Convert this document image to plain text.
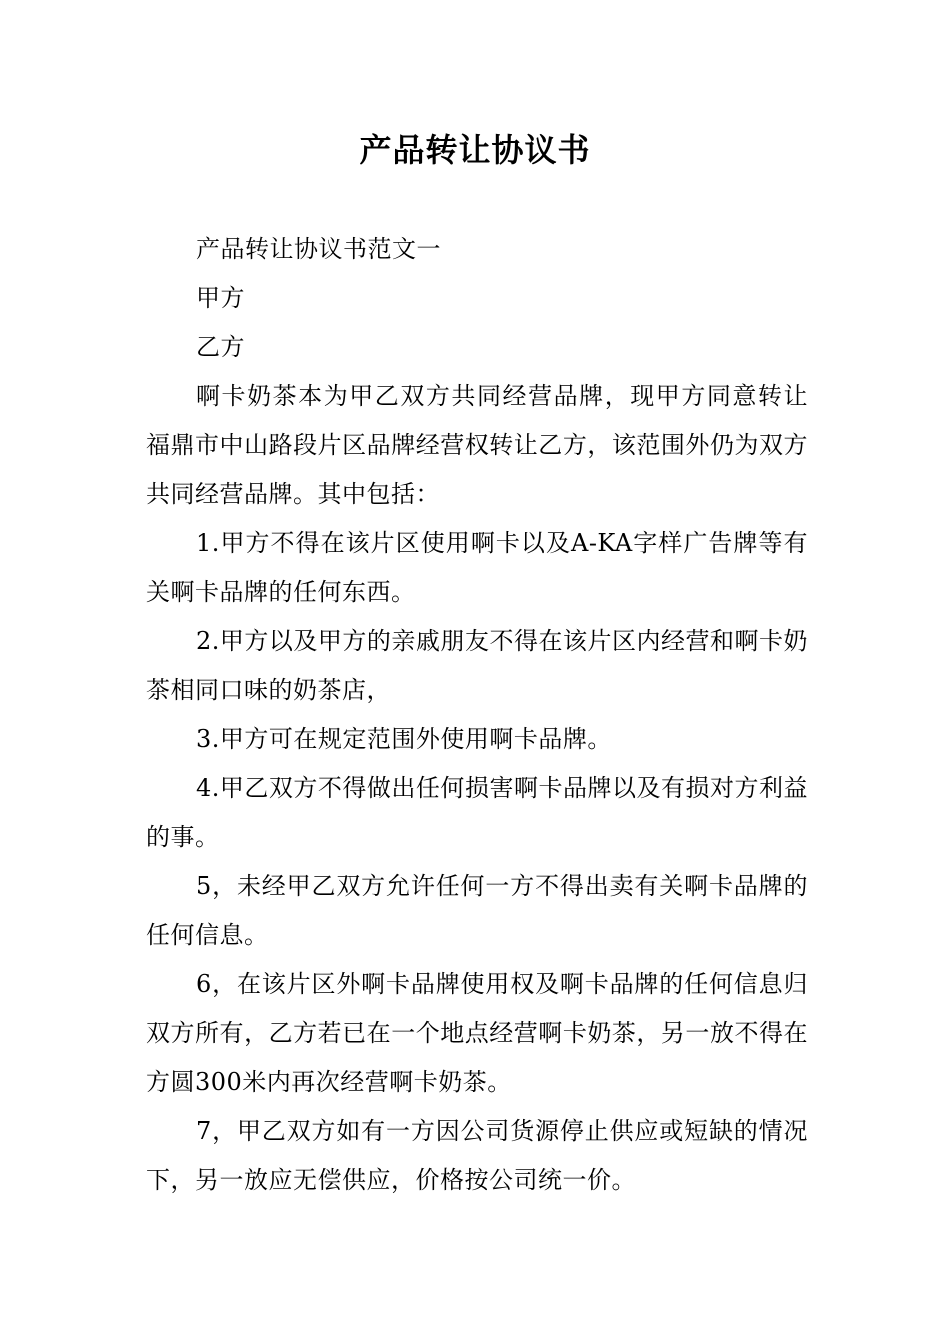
产品转让协议书

产品转让协议书范文一

甲方

乙方

啊卡奶茶本为甲乙双方共同经营品牌，现甲方同意转让福鼎市中山路段片区品牌经营权转让乙方，该范围外仍为双方共同经营品牌。其中包括：

1.甲方不得在该片区使用啊卡以及A-KA字样广告牌等有关啊卡品牌的任何东西。

2.甲方以及甲方的亲戚朋友不得在该片区内经营和啊卡奶茶相同口味的奶茶店，

3.甲方可在规定范围外使用啊卡品牌。

4.甲乙双方不得做出任何损害啊卡品牌以及有损对方利益的事。

5，未经甲乙双方允许任何一方不得出卖有关啊卡品牌的任何信息。

6，在该片区外啊卡品牌使用权及啊卡品牌的任何信息归双方所有，乙方若已在一个地点经营啊卡奶茶，另一放不得在方圆300米内再次经营啊卡奶茶。

7，甲乙双方如有一方因公司货源停止供应或短缺的情况下，另一放应无偿供应，价格按公司统一价。
